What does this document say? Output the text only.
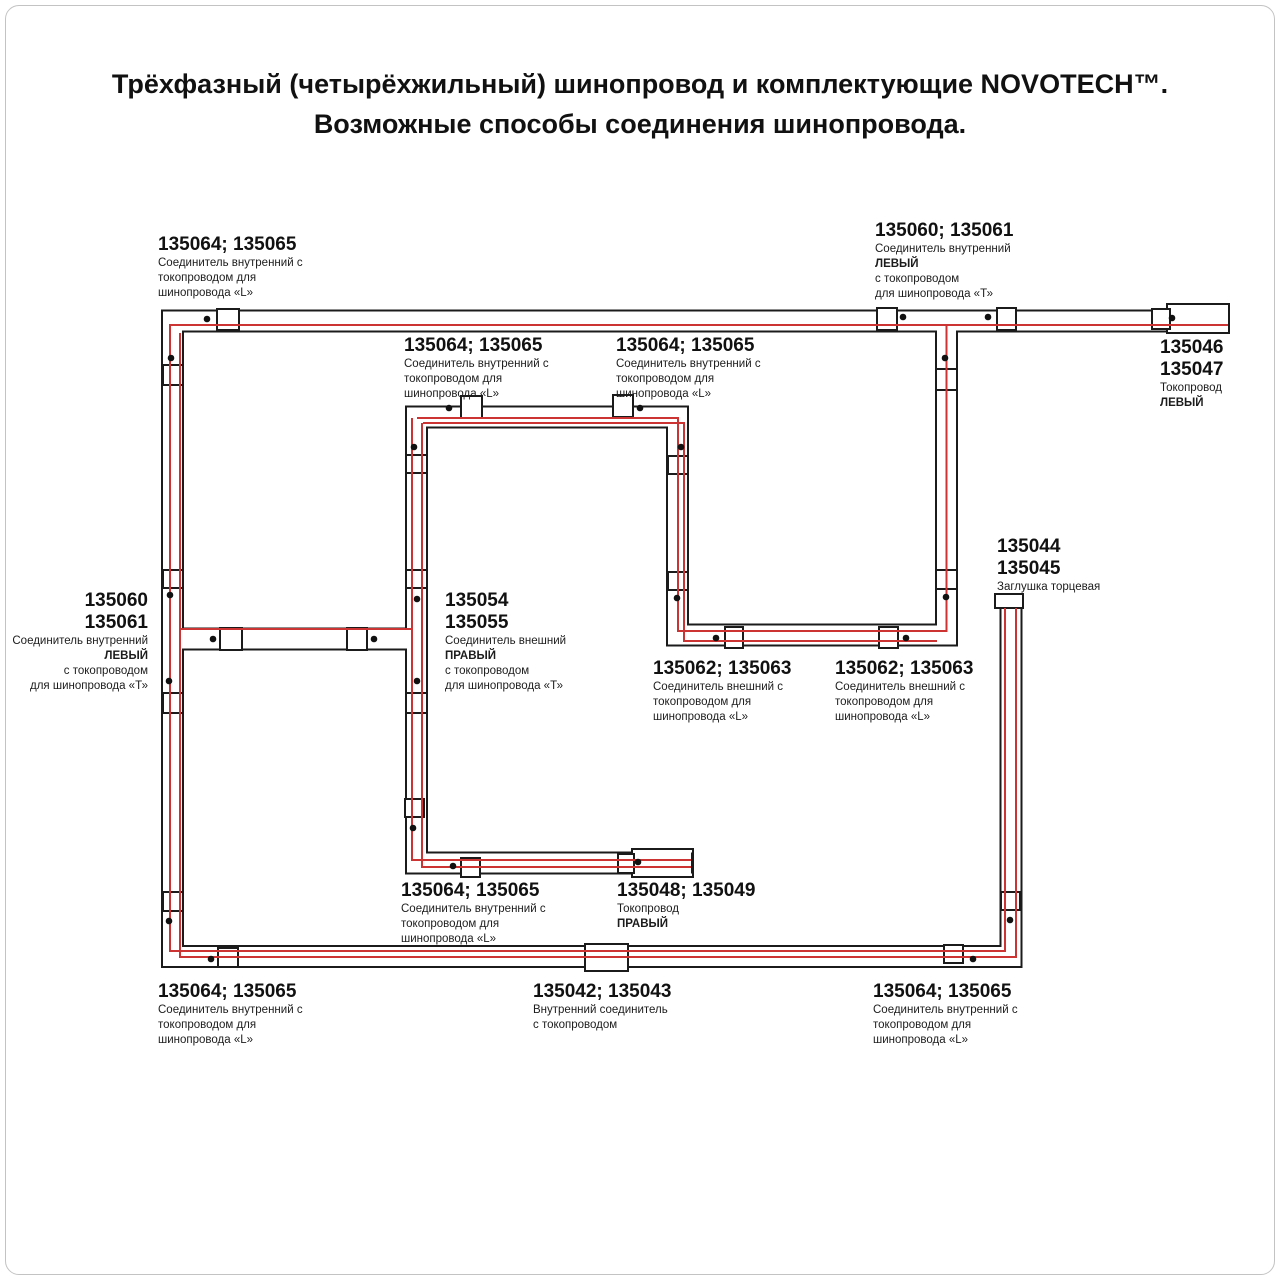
Трёхфазный (четырёхжильный) шинопровод и комплектующие NOVOTECH™.
Возможные способы соединения шинопровода.
135064; 135065
Соединитель внутренний с
токопроводом для
шинопровода «L»
135060; 135061
Соединитель внутренний
ЛЕВЫЙ
с токопроводом
для шинопровода «Т»
135046
135047
Токопровод
ЛЕВЫЙ
135064; 135065
Соединитель внутренний с
токопроводом для
шинопровода «L»
135064; 135065
Соединитель внутренний с
токопроводом для
шинопровода «L»
135060
135061
Соединитель внутренний
ЛЕВЫЙ
с токопроводом
для шинопровода «Т»
135054
135055
Соединитель внешний
ПРАВЫЙ
с токопроводом
для шинопровода «Т»
135044
135045
Заглушка торцевая
135062; 135063
Соединитель внешний с
токопроводом для
шинопровода «L»
135062; 135063
Соединитель внешний с
токопроводом для
шинопровода «L»
135064; 135065
Соединитель внутренний с
токопроводом для
шинопровода «L»
135048; 135049
Токопровод
ПРАВЫЙ
135064; 135065
Соединитель внутренний с
токопроводом для
шинопровода «L»
135042; 135043
Внутренний соединитель
с токопроводом
135064; 135065
Соединитель внутренний с
токопроводом для
шинопровода «L»
